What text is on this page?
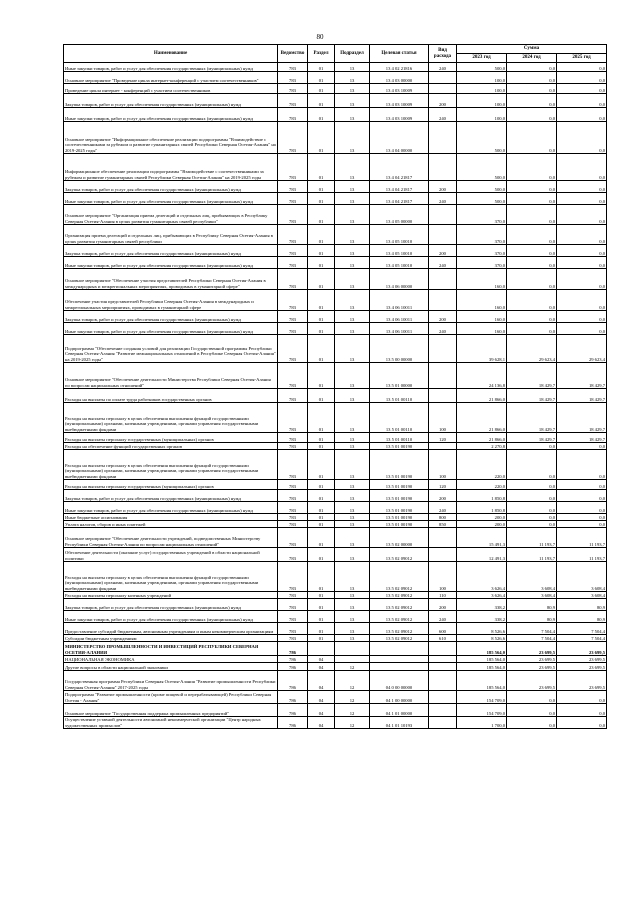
80
Наименование	Ведомство	Раздел	Подраздел	Целевая статья	Вид расхода	Сумма		
						2023 год	2024 год	2025 год
Иные закупки товаров, работ и услуг для обеспечения государственных (муниципальных) нужд	783	01	13	13 4 02 21816	240	500,0	0,0	0,0
Основное мероприятие "Проведение цикла интернет-конференций с участием соотечественников"	783	01	13	13 4 03 00000		100,0	0,0	0,0
Проведение цикла интернет - конференций с участием соотечественников	783	01	13	13 4 03 10009		100,0	0,0	0,0
Закупка товаров, работ и услуг для обеспечения государственных (муниципальных) нужд	783	01	13	13 4 03 10009	200	100,0	0,0	0,0
Иные закупки товаров, работ и услуг для обеспечения государственных (муниципальных) нужд	783	01	13	13 4 03 10009	240	100,0	0,0	0,0
Основное мероприятие "Информационное обеспечение реализации подпрограммы "Взаимодействие с соотечественниками за рубежом и развитие гуманитарных связей Республики Северная Осетия-Алания" на 2019-2025 годы"	783	01	13	13 4 04 00000		500,0	0,0	0,0
Информационное обеспечение реализации подпрограммы "Взаимодействие с соотечественниками за рубежом и развитие гуманитарных связей Республики Северная Осетия-Алания" на 2019-2025 годы	783	01	13	13 4 04 21817		500,0	0,0	0,0
Закупка товаров, работ и услуг для обеспечения государственных (муниципальных) нужд	783	01	13	13 4 04 21817	200	500,0	0,0	0,0
Иные закупки товаров, работ и услуг для обеспечения государственных (муниципальных) нужд	783	01	13	13 4 04 21817	240	500,0	0,0	0,0
Основное мероприятие "Организация приема делегаций и отдельных лиц, прибывающих в Республику Северная Осетия-Алания в целях развития гуманитарных связей республики"	783	01	13	13 4 05 00000		370,0	0,0	0,0
Организация приема делегаций и отдельных лиц, прибывающих в Республику Северная Осетия-Алания в целях развития гуманитарных связей республики	783	01	13	13 4 05 10010		370,0	0,0	0,0
Закупка товаров, работ и услуг для обеспечения государственных (муниципальных) нужд	783	01	13	13 4 05 10010	200	370,0	0,0	0,0
Иные закупки товаров, работ и услуг для обеспечения государственных (муниципальных) нужд	783	01	13	13 4 05 10010	240	370,0	0,0	0,0
Основное мероприятие "Обеспечение участия представителей Республики Северная Осетия-Алания в международных и межрегиональных мероприятиях, проводимых в гуманитарной сфере"	783	01	13	13 4 06 00000		160,0	0,0	0,0
Обеспечение участия представителей Республики Северная Осетия-Алания в международных и межрегиональных мероприятиях, проводимых в гуманитарной сфере	783	01	13	13 4 06 10011		160,0	0,0	0,0
Закупка товаров, работ и услуг для обеспечения государственных (муниципальных) нужд	783	01	13	13 4 06 10011	200	160,0	0,0	0,0
Иные закупки товаров, работ и услуг для обеспечения государственных (муниципальных) нужд	783	01	13	13 4 06 10011	240	160,0	0,0	0,0
Подпрограмма "Обеспечение создания условий для реализации Государственной программы Республики Северная Осетия-Алания "Развитие межнациональных отношений в Республике Северная Осетия-Алания" на 2019-2025 годы"	783	01	13	13 5 00 00000		39 628,1	29 623,4	29 623,4
Основное мероприятие "Обеспечение деятельности Министерства Республики Северная Осетия-Алания по вопросам национальных отношений"	783	01	13	13 5 01 00000		24 136,8	18 429,7	18 429,7
Расходы на выплаты по оплате труда работников государственных органов	783	01	13	13 5 01 00110		21 866,0	18 429,7	18 429,7
Расходы на выплаты персоналу в целях обеспечения выполнения функций государственными (муниципальными) органами, казенными учреждениями, органами управления государственными внебюджетными фондами	783	01	13	13 5 01 00110	100	21 866,0	18 429,7	18 429,7
Расходы на выплаты персоналу государственных (муниципальных) органов	783	01	13	13 5 01 00110	120	21 866,0	18 429,7	18 429,7
Расходы на обеспечение функций государственных органов	783	01	13	13 5 01 00190		2 270,8	0,0	0,0
Расходы на выплаты персоналу в целях обеспечения выполнения функций государственными (муниципальными) органами, казенными учреждениями, органами управления государственными внебюджетными фондами	783	01	13	13 5 01 00190	100	220,0	0,0	0,0
Расходы на выплаты персоналу государственных (муниципальных) органов	783	01	13	13 5 01 00190	120	220,0	0,0	0,0
Закупка товаров, работ и услуг для обеспечения государственных (муниципальных) нужд	783	01	13	13 5 01 00190	200	1 850,8	0,0	0,0
Иные закупки товаров, работ и услуг для обеспечения государственных (муниципальных) нужд	783	01	13	13 5 01 00190	240	1 850,8	0,0	0,0
Иные бюджетные ассигнования	783	01	13	13 5 01 00190	800	200,0	0,0	0,0
Уплата налогов, сборов и иных платежей	783	01	13	13 5 01 00190	850	200,0	0,0	0,0
Основное мероприятие "Обеспечение деятельности учреждений, подведомственных Министерству Республики Северная Осетия-Алания по вопросам национальных отношений"	783	01	13	13 5 02 00000		15 491,3	11 193,7	11 193,7
Обеспечение деятельности (оказание услуг) государственных учреждений в области национальной политики	783	01	13	13 5 02 09012		12 491,3	11 193,7	11 193,7
Расходы на выплаты персоналу в целях обеспечения выполнения функций государственными (муниципальными) органами, казенными учреждениями, органами управления государственными внебюджетными фондами	783	01	13	13 5 02 09012	100	3 626,4	3 608,4	3 608,4
Расходы на выплаты персоналу казенных учреждений	783	01	13	13 5 02 09012	110	3 626,4	3 608,4	3 608,4
Закупка товаров, работ и услуг для обеспечения государственных (муниципальных) нужд	783	01	13	13 5 02 09012	200	338,2	80,9	80,9
Иные закупки товаров, работ и услуг для обеспечения государственных (муниципальных) нужд	783	01	13	13 5 02 09012	240	338,2	80,9	80,9
Предоставление субсидий бюджетным, автономным учреждениям и иным некоммерческим организациям	783	01	13	13 5 02 09012	600	8 526,6	7 504,4	7 504,4
Субсидии бюджетным учреждениям	783	01	13	13 5 02 09012	610	8 526,6	7 504,4	7 504,4
МИНИСТЕРСТВО ПРОМЫШЛЕННОСТИ И ИНВЕСТИЦИЙ РЕСПУБЛИКИ СЕВЕРНАЯ ОСЕТИЯ-АЛАНИЯ	786					185 564,0	23 699,5	23 699,5
НАЦИОНАЛЬНАЯ ЭКОНОМИКА	786	04				185 564,0	23 699,5	23 699,5
Другие вопросы в области национальной экономики	786	04	12			185 564,0	23 699,5	23 699,5
Государственная программа Республики Северная Осетия-Алания "Развитие промышленности Республики Северная Осетия-Алания" 2017-2025 годы	786	04	12	04 0 00 00000		185 564,0	23 699,5	23 699,5
Подпрограмма "Развитие промышленности (кроме пищевой и перерабатывающей) Республики Северная Осетия - Алания"	786	04	12	04 1 00 00000		154 709,0	0,0	0,0
Основное мероприятие "Государственная поддержка промышленных предприятий"	786	04	12	04 1 01 00000		154 709,0	0,0	0,0
Осуществление уставной деятельности автономной некоммерческой организации "Центр народных художественных промыслов"	786	04	12	04 1 01 10193		1 700,0	0,0	0,0
